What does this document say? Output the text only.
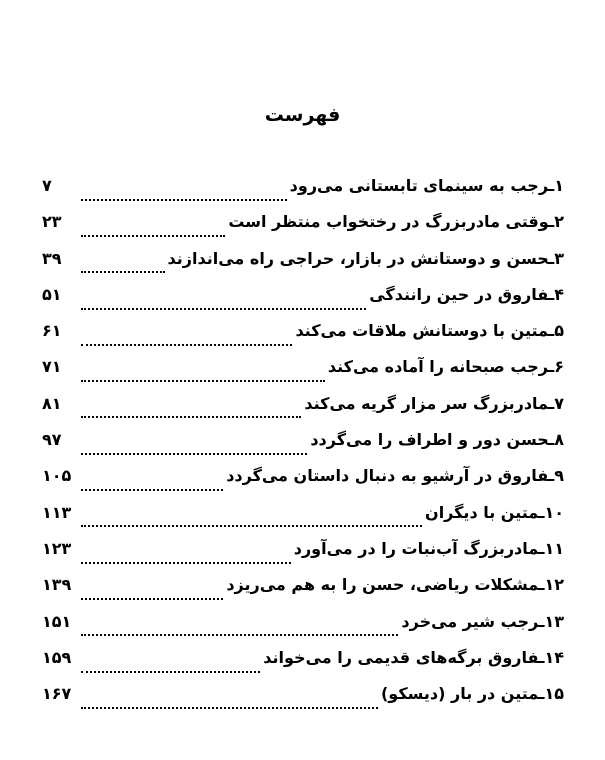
فهرست
۷	۱ـرجب به سینمای تابستانی می‌رود
۲۳	۲ـوقتی مادربزرگ در رختخواب منتظر است
۳۹	۳ـحسن و دوستانش در بازار، حراجی راه می‌اندازند
۵۱	۴ـفاروق در حین رانندگی
۶۱	۵ـمتین با دوستانش ملاقات می‌کند
۷۱	۶ـرجب صبحانه را آماده می‌کند
۸۱	۷ـمادربزرگ سر مزار گریه می‌کند
۹۷	۸ـحسن دور و اطراف را می‌گردد
۱۰۵	۹ـفاروق در آرشیو به دنبال داستان می‌گردد
۱۱۳	۱۰ـمتین با دیگران
۱۲۳	۱۱ـمادربزرگ آب‌نبات را در می‌آورد
۱۳۹	۱۲ـمشکلات ریاضی، حسن را به هم می‌ریزد
۱۵۱	۱۳ـرجب شیر می‌خرد
۱۵۹	۱۴ـفاروق برگه‌های قدیمی را می‌خواند
۱۶۷	۱۵ـمتین در بار (دیسکو)
